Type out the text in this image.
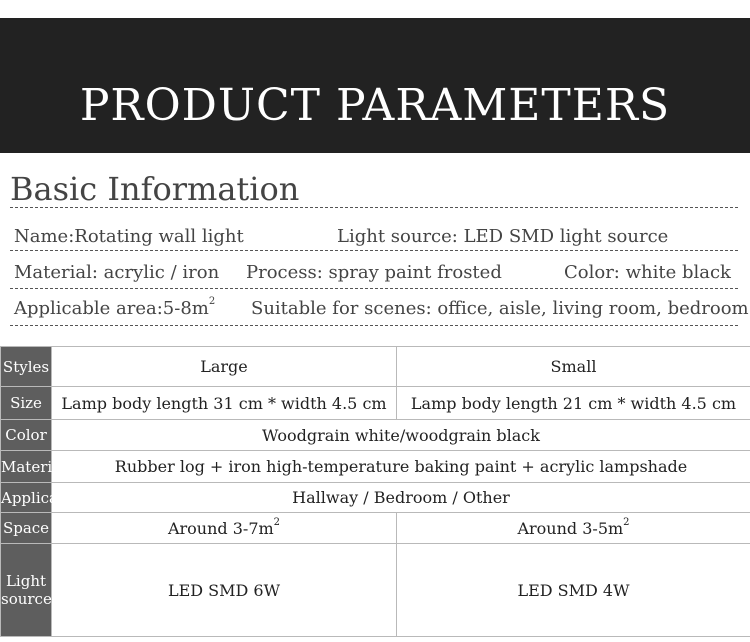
PRODUCT PARAMETERS
Basic Information
Name:Rotating wall light	Light source: LED SMD light source
Material: acrylic / iron Process: spray paint frosted	Color: white black
Applicable $area:5-8m^2$ Suitable for scenes: office, aisle, living room, bedroom
Styles	Large	Small
Size	Lamp body length 31 cm * width 4.5 cm	Lamp body length 21 cm * width 4.5 cm
Color	Woodgrain white/woodgrain black	
Material	Rubber log + iron high-temperature baking paint + acrylic lampshade	
Applicable	Hallway / Bedroom / Other	
Space	Around $3-7m^2$	Around $3-5m^2$
Light
source	LED SMD 6W	LED SMD 4W
